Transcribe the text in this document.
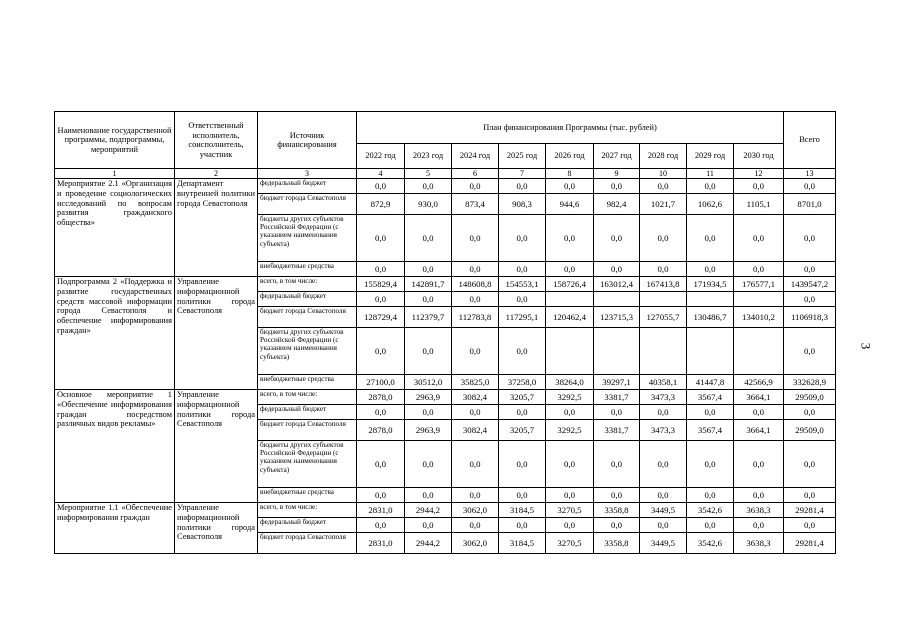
Наименование государственной программы, подпрограммы, мероприятий	Ответственный исполнитель, соисполнитель, участник	Источник финансирования	План финансирования Программы (тыс. рублей)									Всего
			2022 год	2023 год	2024 год	2025 год	2026 год	2027 год	2028 год	2029 год	2030 год	
1	2	3	4	5	6	7	8	9	10	11	12	13
Мероприятие 2.1 «Организация и проведение социологических исследований по вопросам развития гражданского общества»	Департамент внутренней политики города Севастополя	федеральный бюджет	0,0	0,0	0,0	0,0	0,0	0,0	0,0	0,0	0,0	0,0
		бюджет города Севастополя	872,9	930,0	873,4	908,3	944,6	982,4	1021,7	1062,6	1105,1	8701,0
		бюджеты других субъектов Российской Федерации (с указанием наименования субъекта)	0,0	0,0	0,0	0,0	0,0	0,0	0,0	0,0	0,0	0,0
		внебюджетные средства	0,0	0,0	0,0	0,0	0,0	0,0	0,0	0,0	0,0	0,0
Подпрограмма 2 «Поддержка и развитие государственных средств массовой информации города Севастополя и обеспечение информирования граждан»	Управление информационной политики города Севастополя	всего, в том числе:	155829,4	142891,7	148608,8	154553,1	158726,4	163012,4	167413,8	171934,5	176577,1	1439547,2
		федеральный бюджет	0,0	0,0	0,0	0,0						0,0
		бюджет города Севастополя	128729,4	112379,7	112783,8	117295,1	120462,4	123715,3	127055,7	130486,7	134010,2	1106918,3
		бюджеты других субъектов Российской Федерации (с указанием наименования субъекта)	0,0	0,0	0,0	0,0						0,0
		внебюджетные средства	27100,0	30512,0	35825,0	37258,0	38264,0	39297,1	40358,1	41447,8	42566,9	332628,9
Основное мероприятие 1 «Обеспечение информирования граждан посредством различных видов рекламы»	Управление информационной политики города Севастополя	всего, в том числе:	2878,0	2963,9	3082,4	3205,7	3292,5	3381,7	3473,3	3567,4	3664,1	29509,0
		федеральный бюджет	0,0	0,0	0,0	0,0	0,0	0,0	0,0	0,0	0,0	0,0
		бюджет города Севастополя	2878,0	2963,9	3082,4	3205,7	3292,5	3381,7	3473,3	3567,4	3664,1	29509,0
		бюджеты других субъектов Российской Федерации (с указанием наименования субъекта)	0,0	0,0	0,0	0,0	0,0	0,0	0,0	0,0	0,0	0,0
		внебюджетные средства	0,0	0,0	0,0	0,0	0,0	0,0	0,0	0,0	0,0	0,0
Мероприятие 1.1 «Обеспечение информирования граждан	Управление информационной политики города Севастополя	всего, в том числе:	2831,0	2944,2	3062,0	3184,5	3270,5	3358,8	3449,5	3542,6	3638,3	29281,4
		федеральный бюджет	0,0	0,0	0,0	0,0	0,0	0,0	0,0	0,0	0,0	0,0
		бюджет города Севастополя	2831,0	2944,2	3062,0	3184,5	3270,5	3358,8	3449,5	3542,6	3638,3	29281,4
3
